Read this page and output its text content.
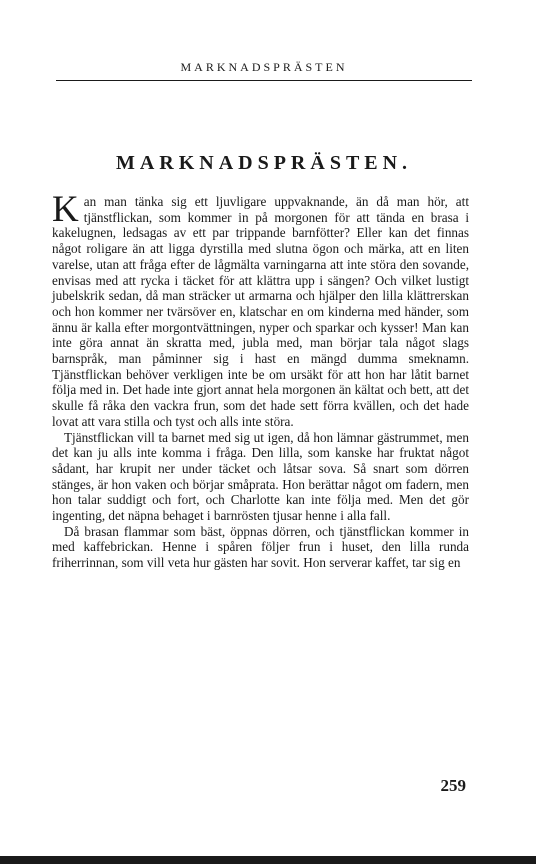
MARKNADSPRÄSTEN
MARKNADSPRÄSTEN.

Kan man tänka sig ett ljuvligare uppvaknande, än då man hör, att tjänstflickan, som kommer in på morgonen för att tända en brasa i kakelugnen, ledsagas av ett par trippande barnfötter? Eller kan det finnas något roligare än att ligga dyrstilla med slutna ögon och märka, att en liten varelse, utan att fråga efter de lågmälta varningarna att inte störa den sovande, envisas med att rycka i täcket för att klättra upp i sängen? Och vilket lustigt jubelskrik sedan, då man sträcker ut armarna och hjälper den lilla klättrerskan och hon kommer ner tvärsöver en, klatschar en om kinderna med händer, som ännu är kalla efter morgontvättningen, nyper och sparkar och kysser! Man kan inte göra annat än skratta med, jubla med, man börjar tala något slags barnspråk, man påminner sig i hast en mängd dumma smeknamn. Tjänstflickan behöver verkligen inte be om ursäkt för att hon har låtit barnet följa med in. Det hade inte gjort annat hela morgonen än kältat och bett, att det skulle få råka den vackra frun, som det hade sett förra kvällen, och det hade lovat att vara stilla och tyst och alls inte störa.

Tjänstflickan vill ta barnet med sig ut igen, då hon lämnar gästrummet, men det kan ju alls inte komma i fråga. Den lilla, som kanske har fruktat något sådant, har krupit ner under täcket och låtsar sova. Så snart som dörren stänges, är hon vaken och börjar småprata. Hon berättar något om fadern, men hon talar suddigt och fort, och Charlotte kan inte följa med. Men det gör ingenting, det näpna behaget i barnrösten tjusar henne i alla fall.

Då brasan flammar som bäst, öppnas dörren, och tjänstflickan kommer in med kaffebrickan. Henne i spåren följer frun i huset, den lilla runda friherrinnan, som vill veta hur gästen har sovit. Hon serverar kaffet, tar sig en

259
